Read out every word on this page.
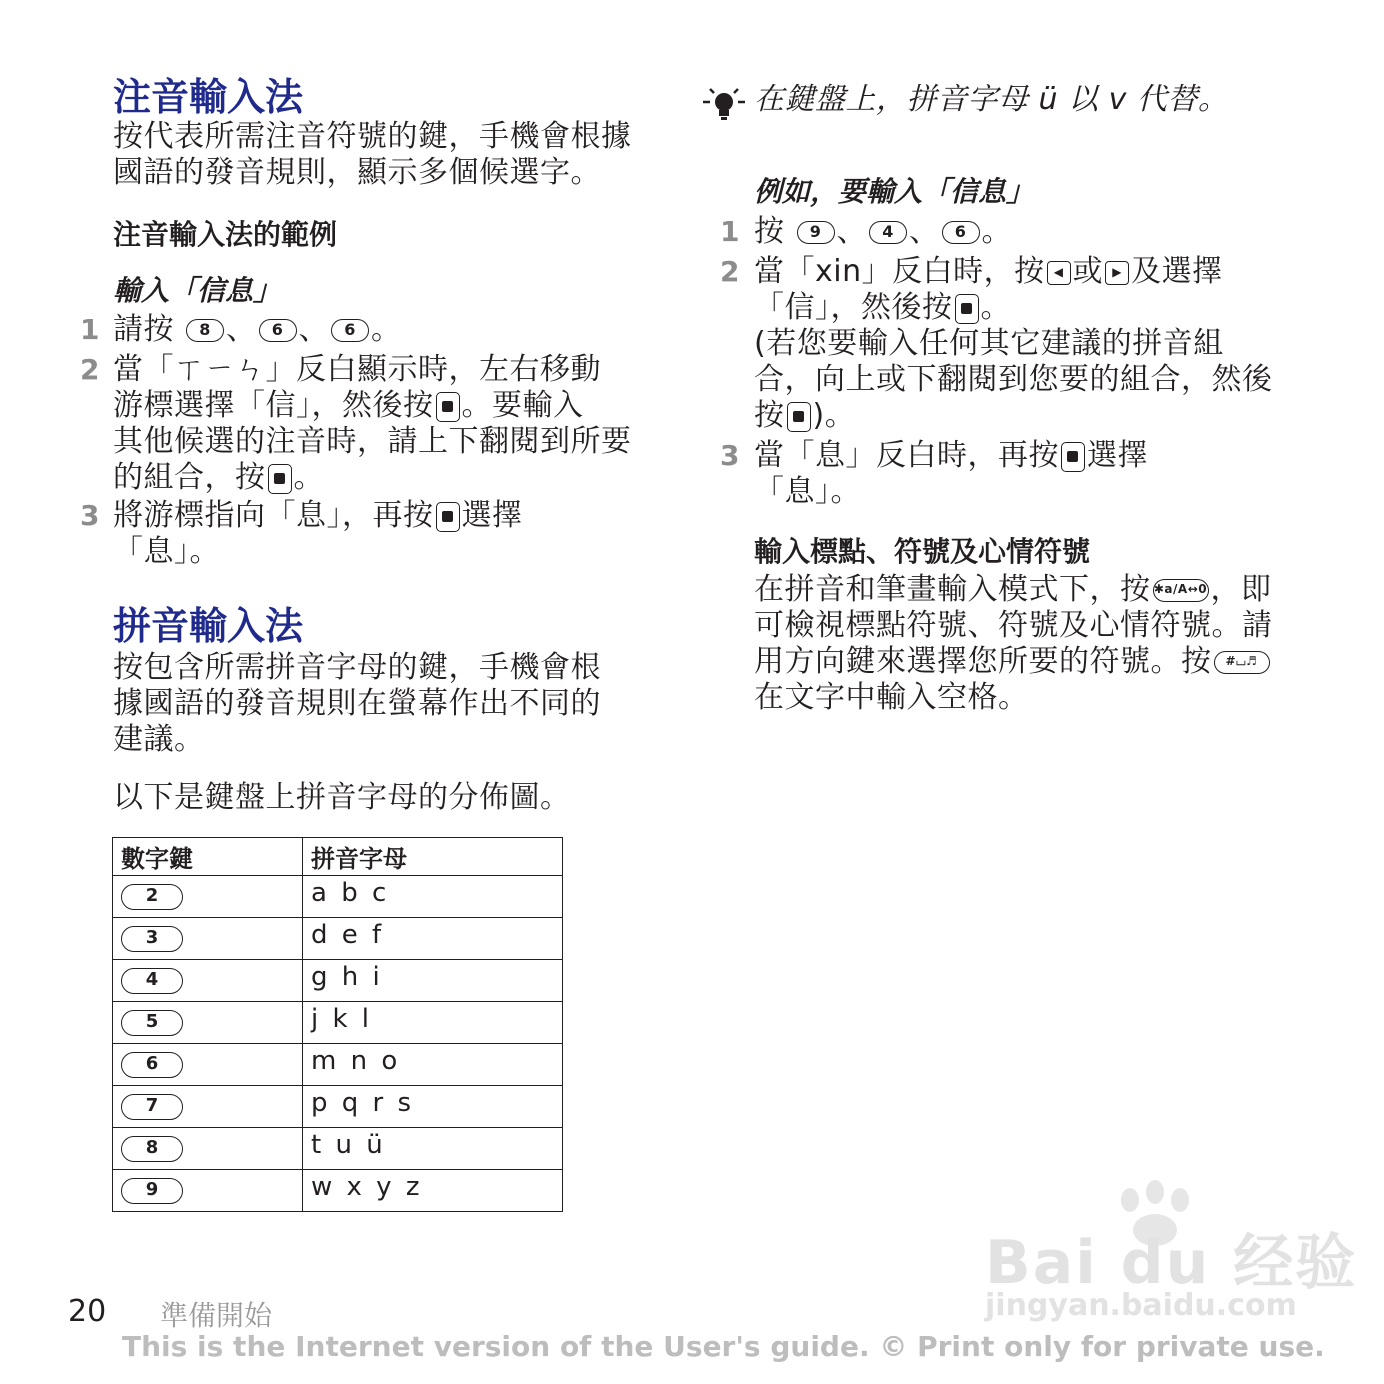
注音輸入法
按代表所需注音符號的鍵，手機會根據
國語的發音規則，顯示多個候選字。
注音輸入法的範例
輸入「信息」
1 請按 8 、 6 、 6 。
2 當「ㄒㄧㄣ」反白顯示時，左右移動
游標選擇「信」，然後按 。要輸入
其他候選的注音時，請上下翻閱到所要
的組合，按 。
3 將游標指向「息」，再按 選擇
「息」。
拼音輸入法
按包含所需拼音字母的鍵，手機會根
據國語的發音規則在螢幕作出不同的
建議。
以下是鍵盤上拼音字母的分佈圖。
數字鍵	拼音字母
2	a b c
3	d e f
4	g h i
5	j k l
6	m n o
7	p q r s
8	t u ü
9	w x y z
在鍵盤上，拼音字母 ü 以 v 代替。
例如，要輸入「信息」
1 按 9 、 4 、 6 。
2 當「xin」反白時，按 ◀ 或 ▶ 及選擇
「信」，然後按 。
(若您要輸入任何其它建議的拼音組
合，向上或下翻閱到您要的組合，然後
按 )。
3 當「息」反白時，再按 選擇
「息」。
輸入標點、符號及心情符號
在拼音和筆畫輸入模式下，按 ✱a/A↔0 ，即
可檢視標點符號、符號及心情符號。請
用方向鍵來選擇您所要的符號。按 #⌴♬
在文字中輸入空格。
Bai du 经验
jingyan.baidu.com
20 準備開始
This is the Internet version of the User's guide. © Print only for private use.
